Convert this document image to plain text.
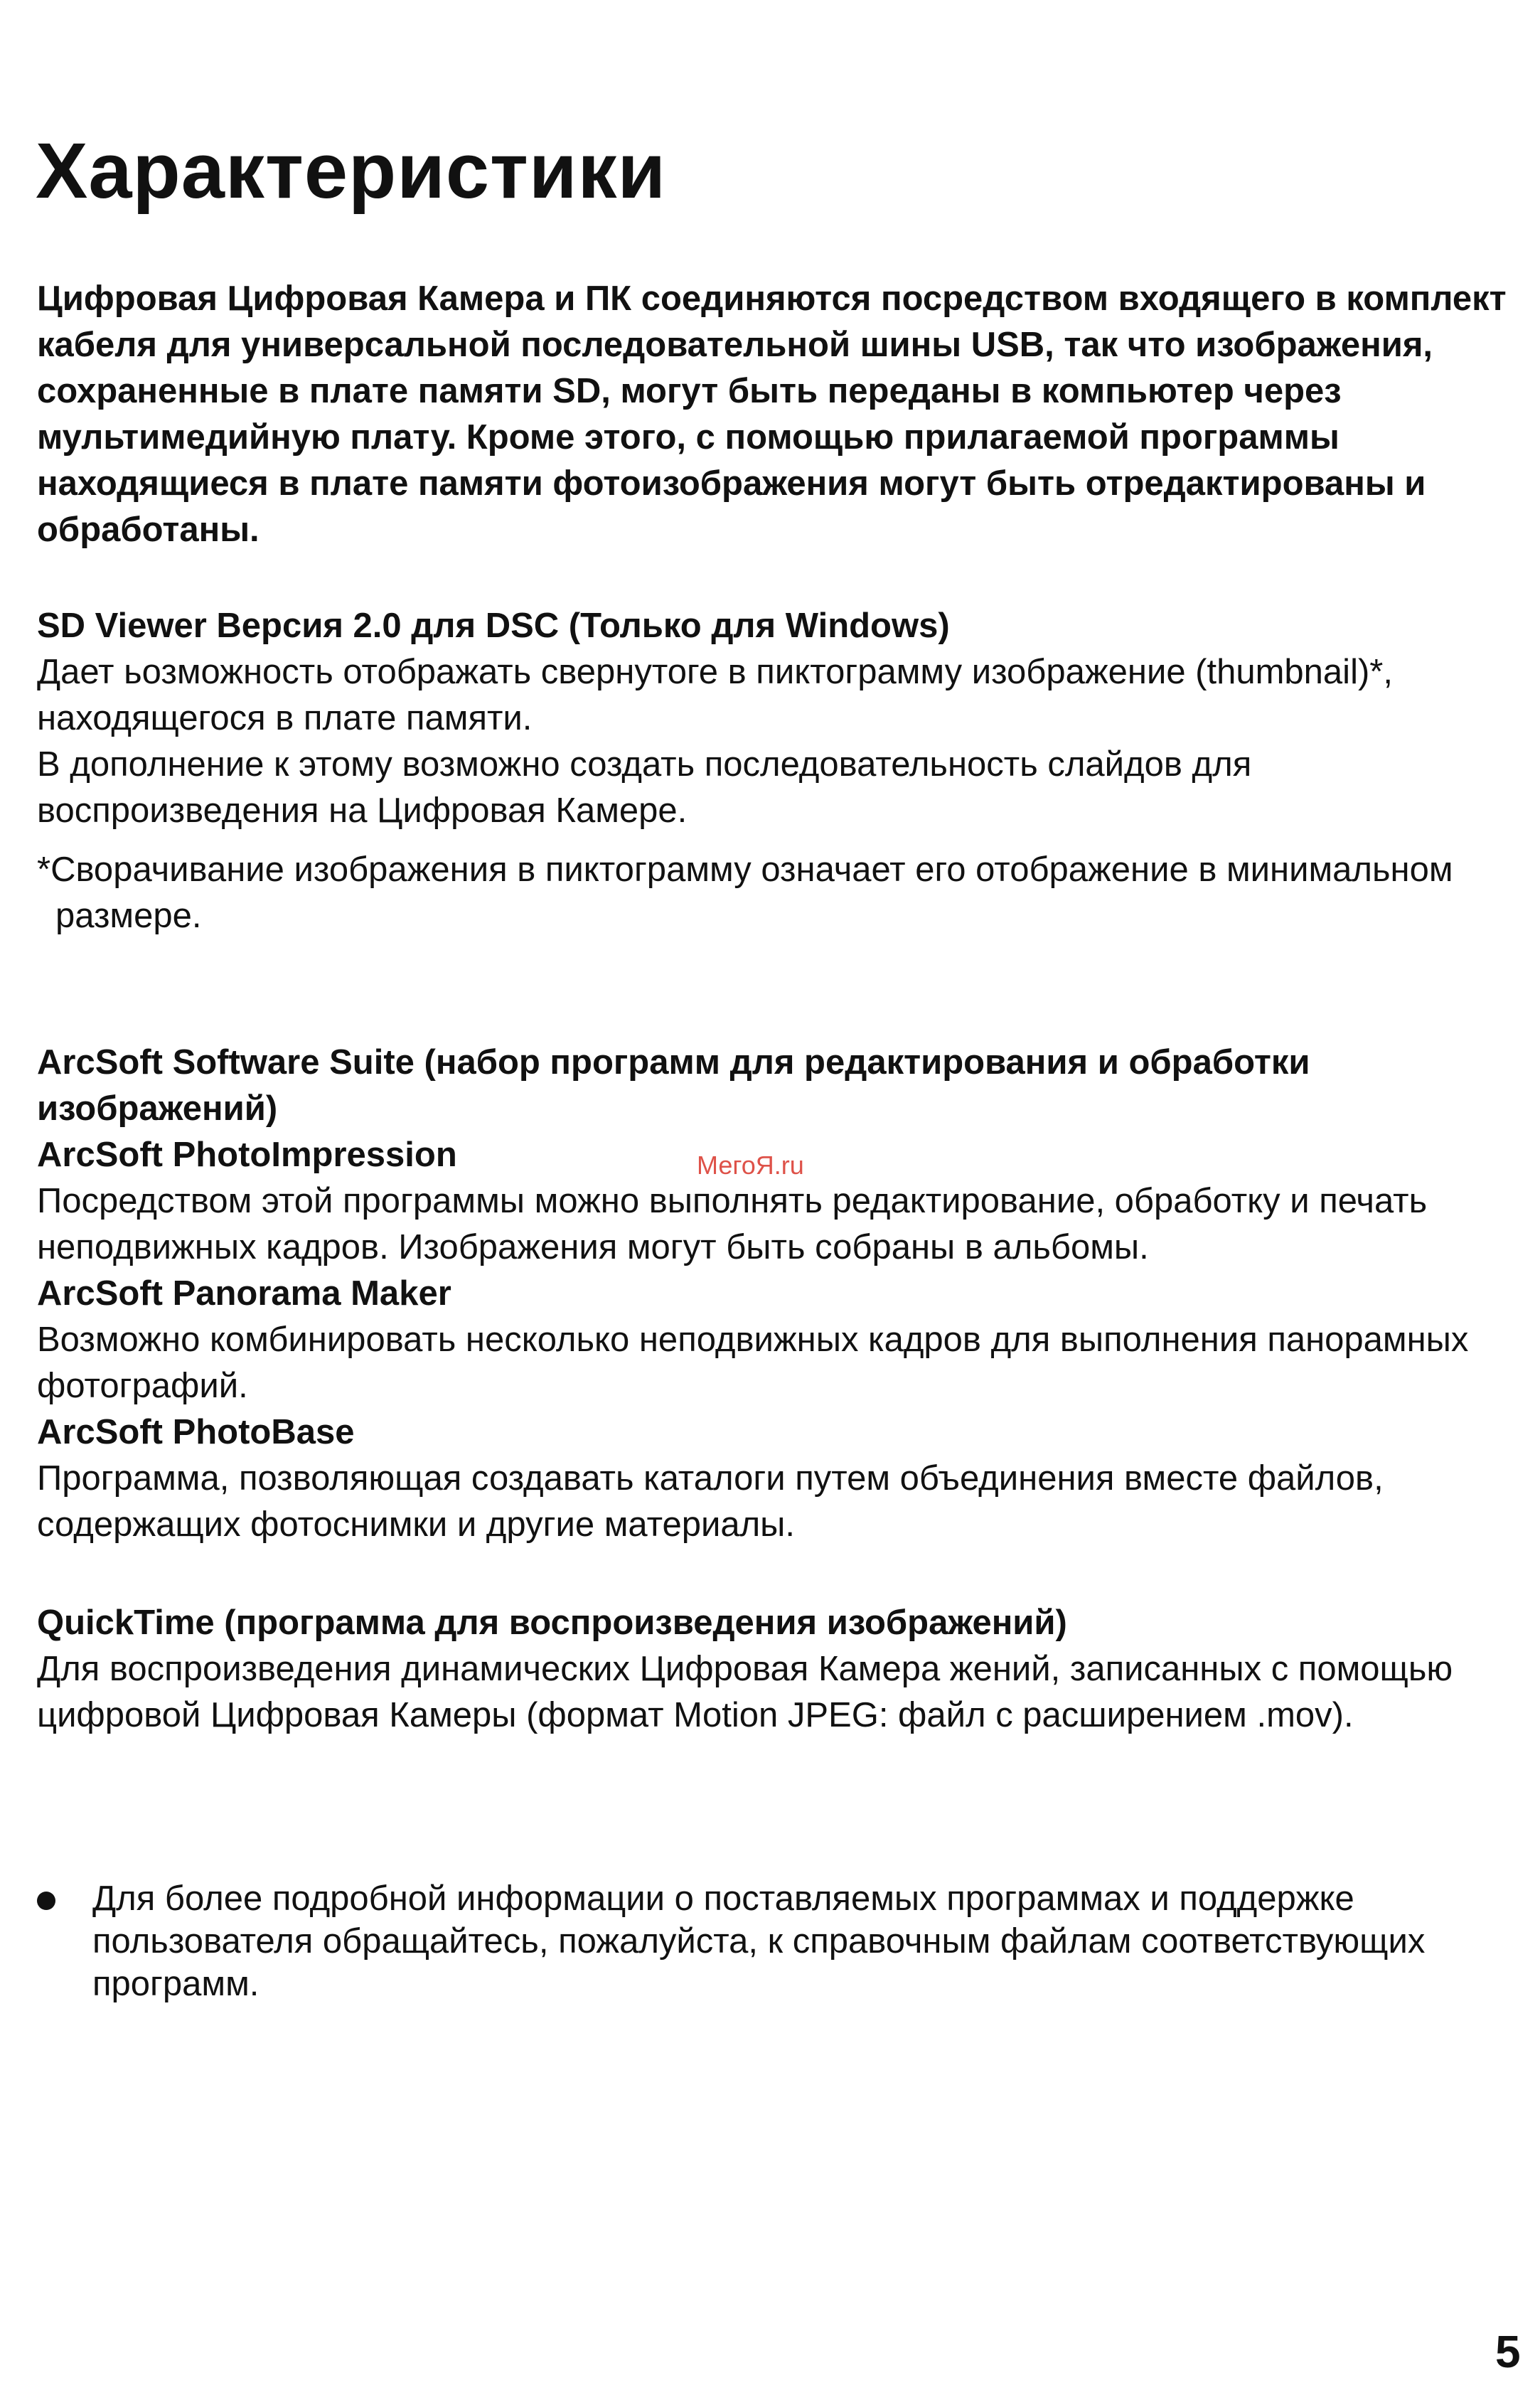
Характеристики

Цифровая Цифровая Камера и ПК соединяются посредством входящего в комплект кабеля для универсальной последовательной шины USB, так что изображения, сохраненные в плате памяти SD, могут быть переданы в компьютер через мультимедийную плату. Кроме этого, с помощью прилагаемой программы находящиеся в плате памяти фотоизображения могут быть отредактированы и обработаны.

SD Viewer Версия 2.0 для DSC (Только для Windows)

Дает ьозможность отображать свернутоге в пиктограмму изображение (thumbnail)*, находящегося в плате памяти.

В дополнение к этому возможно создать последовательность слайдов для воспроизведения на Цифровая Камере.

*Сворачивание изображения в пиктограмму означает его отображение в минимальном размере.

ArcSoft Software Suite (набор программ для редактирования и обработки изображений)

ArcSoft PhotoImpression

Посредством этой программы можно выполнять редактирование, обработку и печать неподвижных кадров. Изображения могут быть собраны в альбомы.

ArcSoft Panorama Maker

Возможно комбинировать несколько неподвижных кадров для выполнения панорамных фотографий.

ArcSoft PhotoBase

Программа, позволяющая создавать каталоги путем объединения вместе файлов, содержащих фотоснимки и другие материалы.

QuickTime (программа для воспроизведения изображений)

Для воспроизведения динамических Цифровая Камера жений, записанных с помощью цифровой Цифровая Камеры (формат Motion JPEG: файл с расширением .mov).

Для более подробной информации о поставляемых программах и поддержке пользователя обращайтесь, пожалуйста, к справочным файлам соответствующих программ.

МегоЯ.ru
5
